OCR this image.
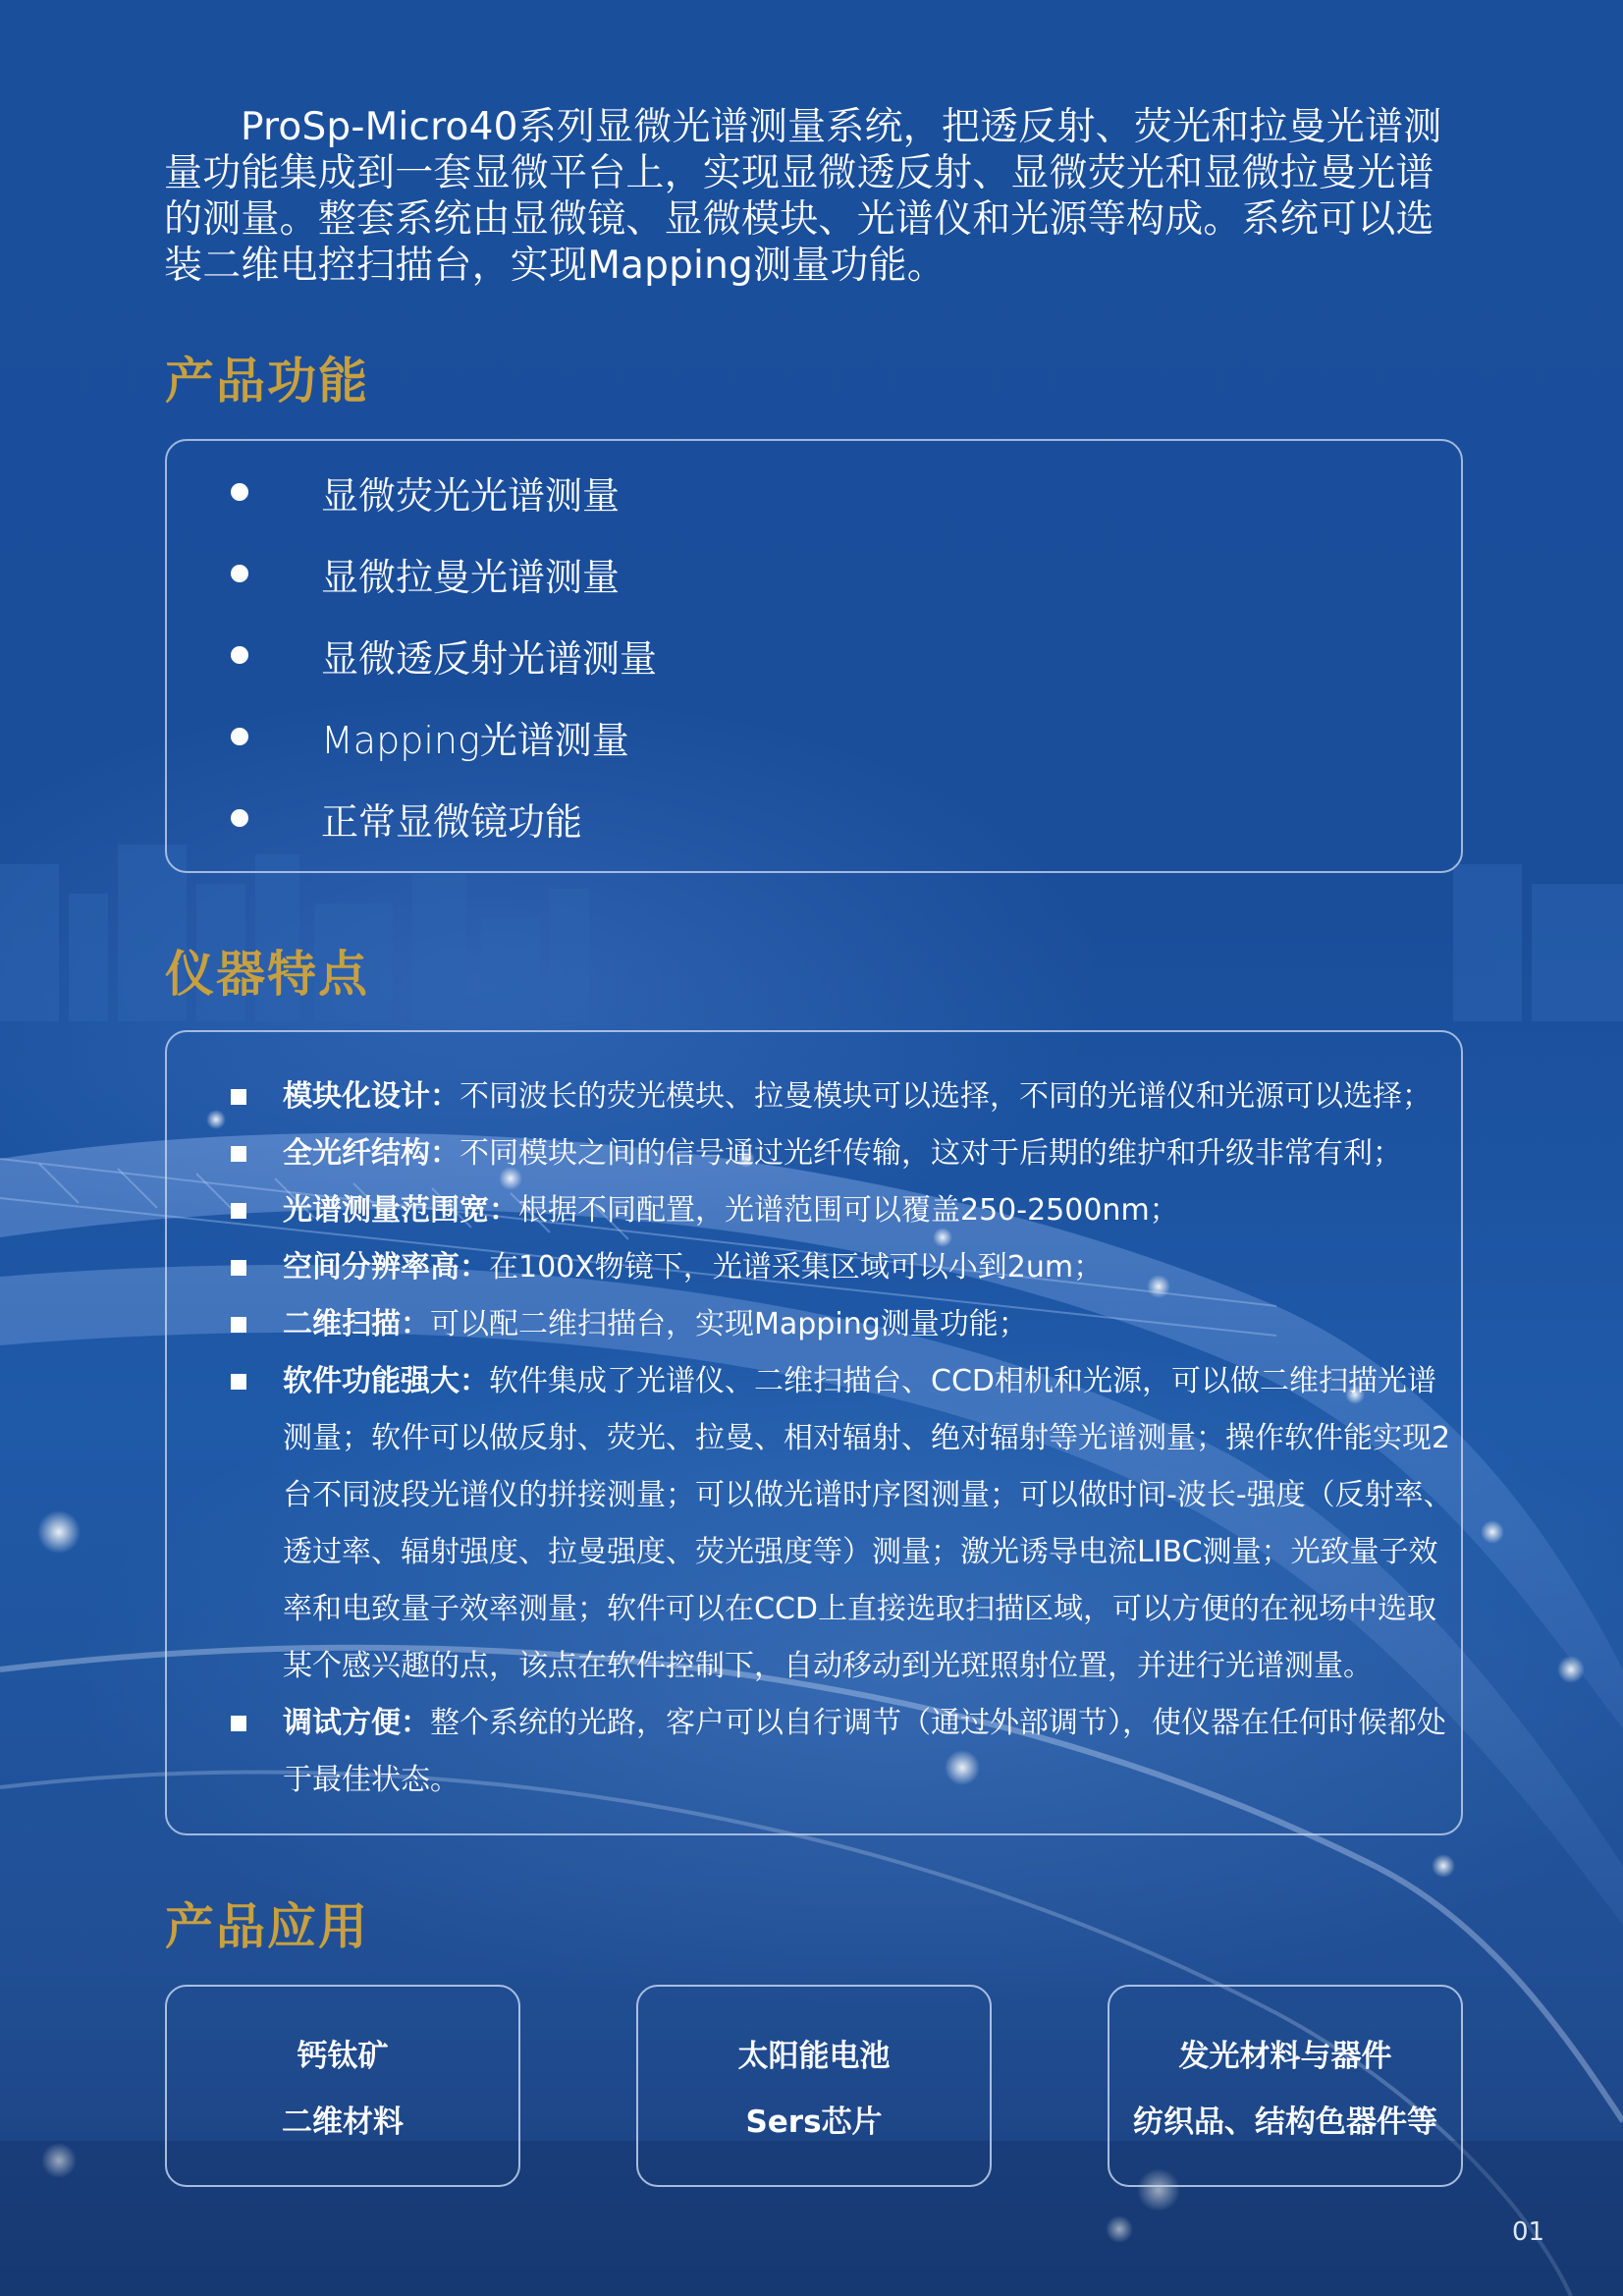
ProSp-Micro40系列显微光谱测量系统，把透反射、荧光和拉曼光谱测量功能集成到一套显微平台上，实现显微透反射、显微荧光和显微拉曼光谱的测量。整套系统由显微镜、显微模块、光谱仪和光源等构成。系统可以选装二维电控扫描台，实现Mapping测量功能。

产品功能
显微荧光光谱测量
显微拉曼光谱测量
显微透反射光谱测量
Mapping光谱测量
正常显微镜功能
仪器特点

模块化设计：不同波长的荧光模块、拉曼模块可以选择，不同的光谱仪和光源可以选择；

全光纤结构：不同模块之间的信号通过光纤传输，这对于后期的维护和升级非常有利；

光谱测量范围宽：根据不同配置，光谱范围可以覆盖250-2500nm；

空间分辨率高：在100X物镜下，光谱采集区域可以小到2um；

二维扫描：可以配二维扫描台，实现Mapping测量功能；

软件功能强大：软件集成了光谱仪、二维扫描台、CCD相机和光源，可以做二维扫描光谱测量；软件可以做反射、荧光、拉曼、相对辐射、绝对辐射等光谱测量；操作软件能实现2台不同波段光谱仪的拼接测量；可以做光谱时序图测量；可以做时间-波长-强度（反射率、透过率、辐射强度、拉曼强度、荧光强度等）测量；激光诱导电流LIBC测量；光致量子效率和电致量子效率测量；软件可以在CCD上直接选取扫描区域，可以方便的在视场中选取某个感兴趣的点，该点在软件控制下，自动移动到光斑照射位置，并进行光谱测量。

调试方便：整个系统的光路，客户可以自行调节（通过外部调节），使仪器在任何时候都处于最佳状态。

产品应用
钙钛矿
二维材料
太阳能电池
Sers芯片
发光材料与器件
纺织品、结构色器件等
01
